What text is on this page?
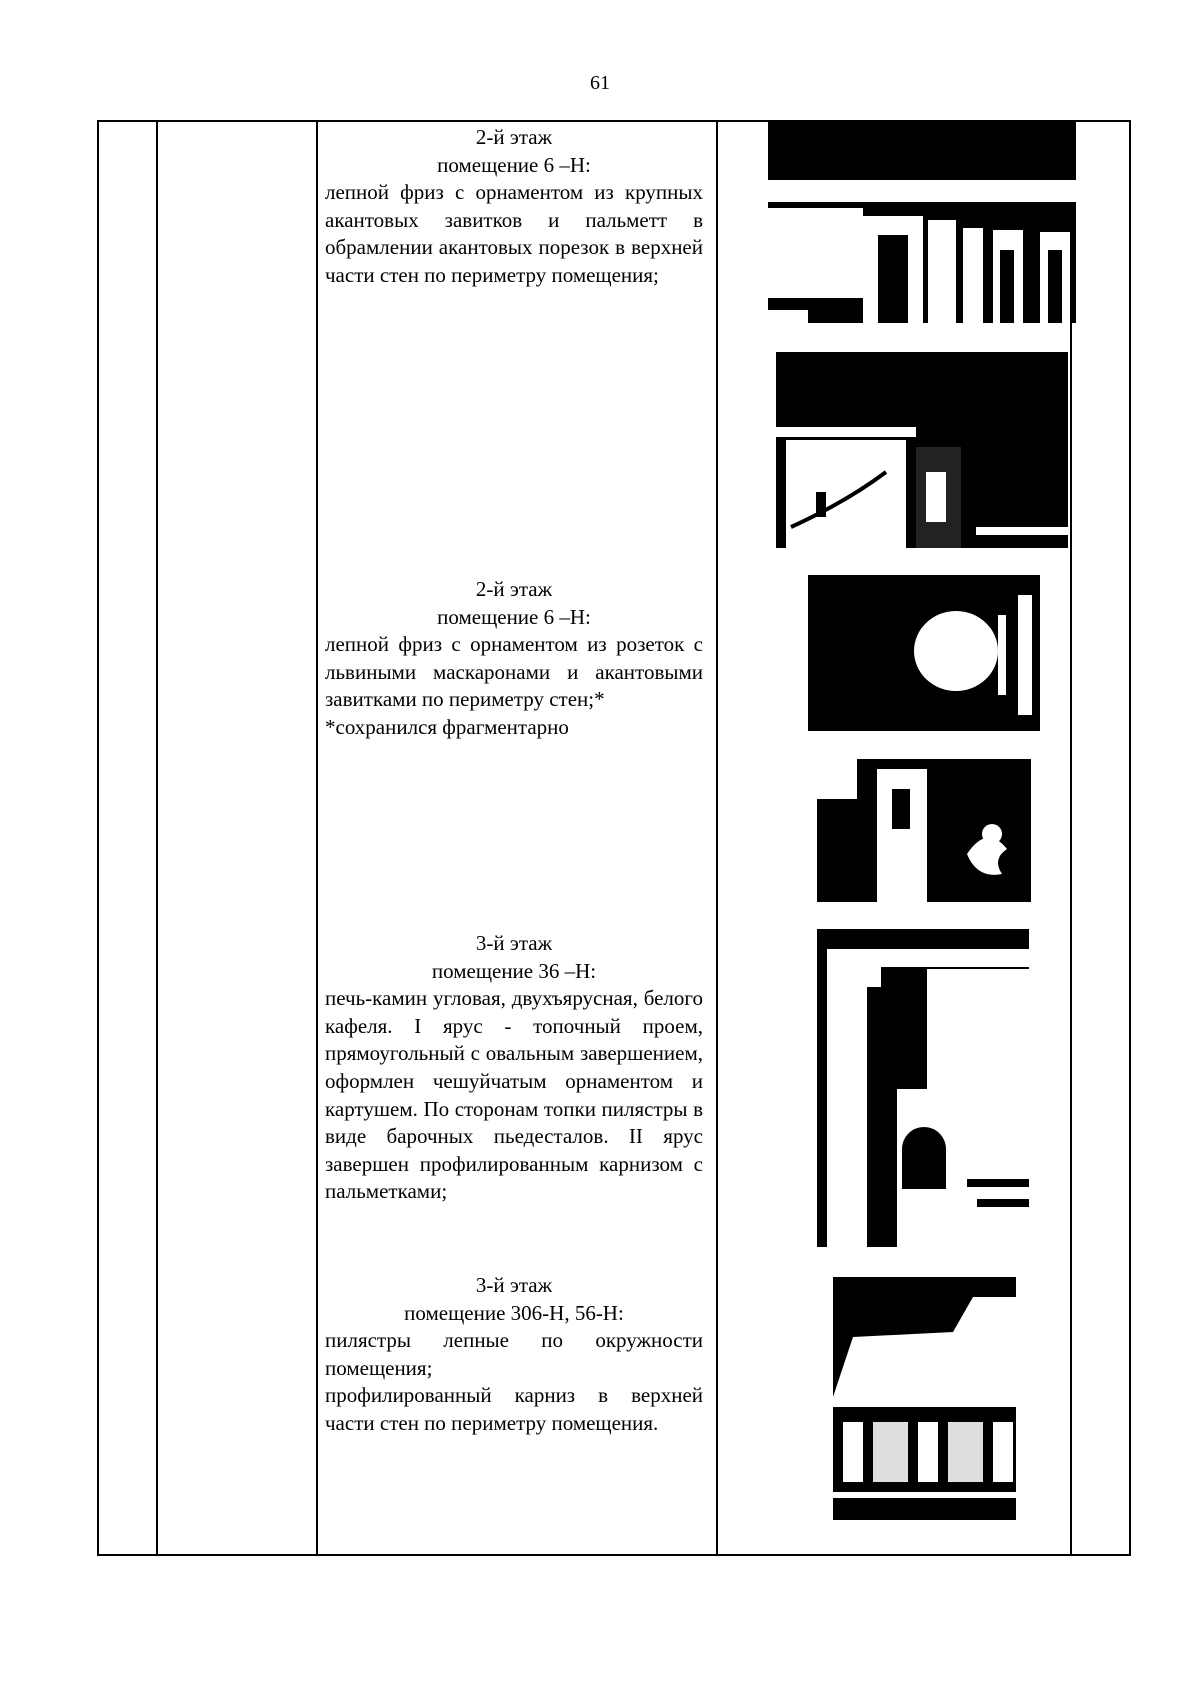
61

2-й этаж

помещение 6 –Н:

лепной фриз с орнаментом из крупных акантовых завитков и пальметт в обрамлении акантовых порезок в верхней части стен по периметру помещения;

2-й этаж

помещение 6 –Н:

лепной фриз с орнаментом из розеток с львиными маскаронами и акантовыми завитками по периметру стен;*

*сохранился фрагментарно

3-й этаж

помещение 36 –Н:

печь-камин угловая, двухъярусная, белого кафеля. I ярус - топочный проем, прямоугольный с овальным завершением, оформлен чешуйчатым орнаментом и картушем. По сторонам топки пилястры в виде барочных пьедесталов. II ярус завершен профилированным карнизом с пальметками;

3-й этаж

помещение 306-Н, 56-Н:

пилястры лепные по окружности помещения;

профилированный карниз в верхней части стен по периметру помещения.
